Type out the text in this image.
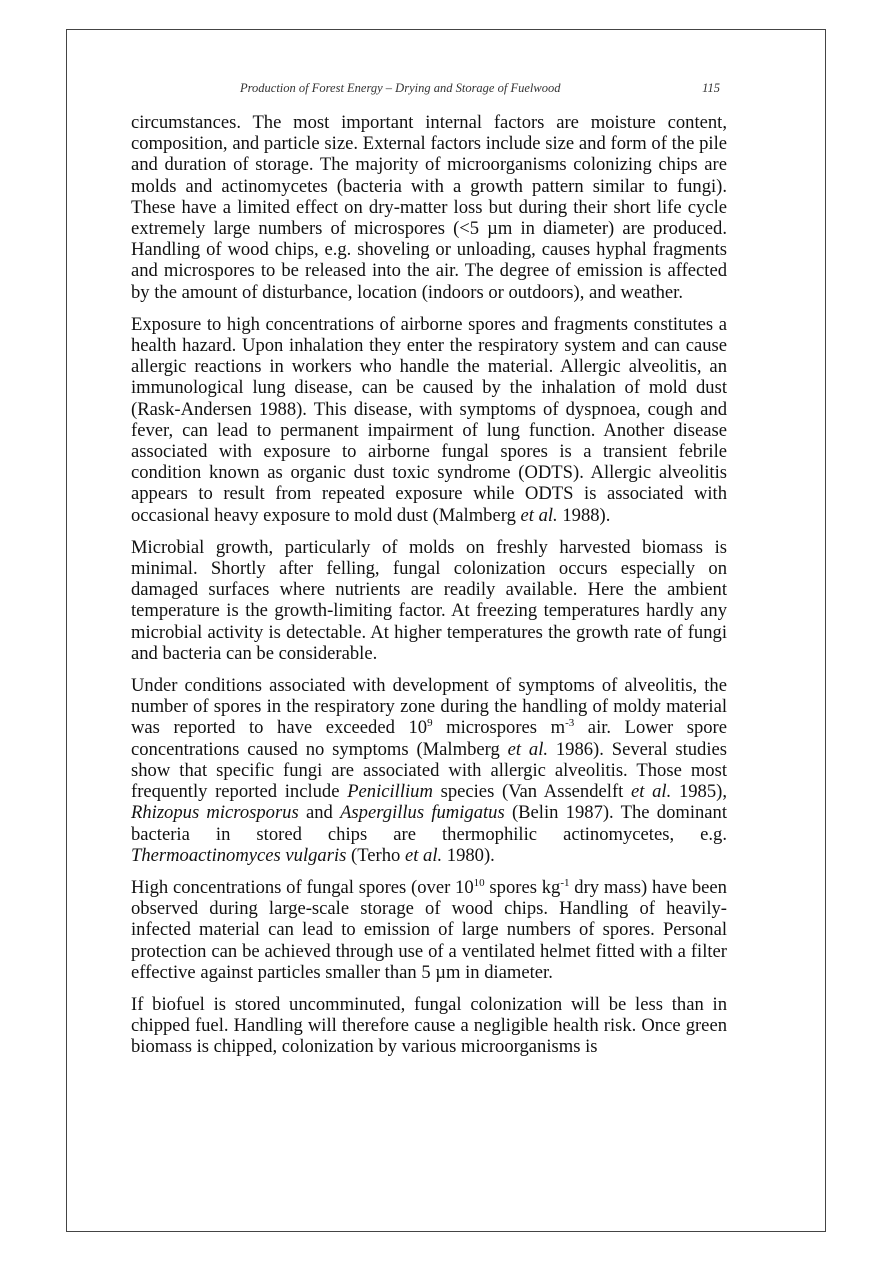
Production of Forest Energy – Drying and Storage of Fuelwood	115

circumstances. The most important internal factors are moisture content, composition, and particle size. External factors include size and form of the pile and duration of storage. The majority of microorganisms colonizing chips are molds and actinomycetes (bacteria with a growth pattern similar to fungi). These have a limited effect on dry-matter loss but during their short life cycle extremely large numbers of microspores (<5 µm in diameter) are produced. Handling of wood chips, e.g. shoveling or unloading, causes hyphal fragments and microspores to be released into the air. The degree of emission is affected by the amount of disturbance, location (indoors or outdoors), and weather.

Exposure to high concentrations of airborne spores and fragments constitutes a health hazard. Upon inhalation they enter the respiratory system and can cause allergic reactions in workers who handle the material. Allergic alveolitis, an immunological lung disease, can be caused by the inhalation of mold dust (Rask-Andersen 1988). This disease, with symptoms of dyspnoea, cough and fever, can lead to permanent impairment of lung function. Another disease associated with exposure to airborne fungal spores is a transient febrile condition known as organic dust toxic syndrome (ODTS). Allergic alveolitis appears to result from repeated exposure while ODTS is associated with occasional heavy exposure to mold dust (Malmberg et al. 1988).

Microbial growth, particularly of molds on freshly harvested biomass is minimal. Shortly after felling, fungal colonization occurs especially on damaged surfaces where nutrients are readily available. Here the ambient temperature is the growth-limiting factor. At freezing temperatures hardly any microbial activity is detectable. At higher temperatures the growth rate of fungi and bacteria can be considerable.

Under conditions associated with development of symptoms of alveolitis, the number of spores in the respiratory zone during the handling of moldy material was reported to have exceeded $10^9$ microspores $m^{-3}$ air. Lower spore concentrations caused no symptoms (Malmberg et al. 1986). Several studies show that specific fungi are associated with allergic alveolitis. Those most frequently reported include Penicillium species (Van Assendelft et al. 1985), Rhizopus microsporus and Aspergillus fumigatus (Belin 1987). The dominant bacteria in stored chips are thermophilic actinomycetes, e.g. Thermoactinomyces vulgaris (Terho et al. 1980).

High concentrations of fungal spores (over $10^{10}$ spores $kg^{-1}$ dry mass) have been observed during large-scale storage of wood chips. Handling of heavily-infected material can lead to emission of large numbers of spores. Personal protection can be achieved through use of a ventilated helmet fitted with a filter effective against particles smaller than 5 µm in diameter.

If biofuel is stored uncomminuted, fungal colonization will be less than in chipped fuel. Handling will therefore cause a negligible health risk. Once green biomass is chipped, colonization by various microorganisms is
